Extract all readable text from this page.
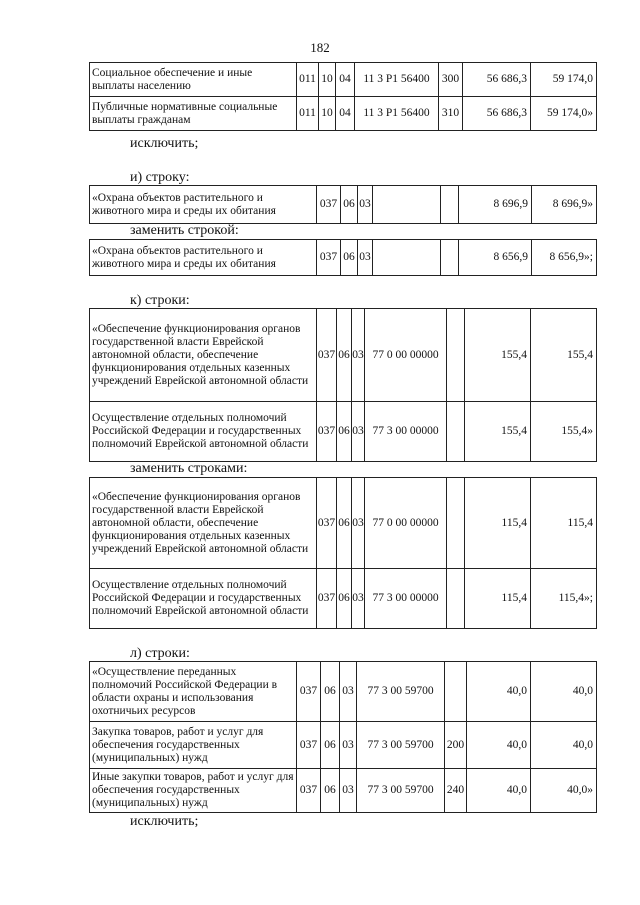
182
Социальное обеспечение и иные выплаты населению	011	10	04	11 3 P1 56400	300	56 686,3	59 174,0
Публичные нормативные социальные выплаты гражданам	011	10	04	11 3 P1 56400	310	56 686,3	59 174,0»
исключить;
и) строку:
«Охрана объектов растительного и животного мира и среды их обитания	037	06	03			8 696,9	8 696,9»
заменить строкой:
«Охрана объектов растительного и животного мира и среды их обитания	037	06	03			8 656,9	8 656,9»;
к) строки:
«Обеспечение функционирования органов государственной власти Еврейской автономной области, обеспечение функционирования отдельных казенных учреждений Еврейской автономной области	037	06	03	77 0 00 00000		155,4	155,4
Осуществление отдельных полномочий Российской Федерации и государственных полномочий Еврейской автономной области	037	06	03	77 3 00 00000		155,4	155,4»
заменить строками:
«Обеспечение функционирования органов государственной власти Еврейской автономной области, обеспечение функционирования отдельных казенных учреждений Еврейской автономной области	037	06	03	77 0 00 00000		115,4	115,4
Осуществление отдельных полномочий Российской Федерации и государственных полномочий Еврейской автономной области	037	06	03	77 3 00 00000		115,4	115,4»;
л) строки:
«Осуществление переданных полномочий Российской Федерации в области охраны и использования охотничьих ресурсов	037	06	03	77 3 00 59700		40,0	40,0
Закупка товаров, работ и услуг для обеспечения государственных (муниципальных) нужд	037	06	03	77 3 00 59700	200	40,0	40,0
Иные закупки товаров, работ и услуг для обеспечения государственных (муниципальных) нужд	037	06	03	77 3 00 59700	240	40,0	40,0»
исключить;
